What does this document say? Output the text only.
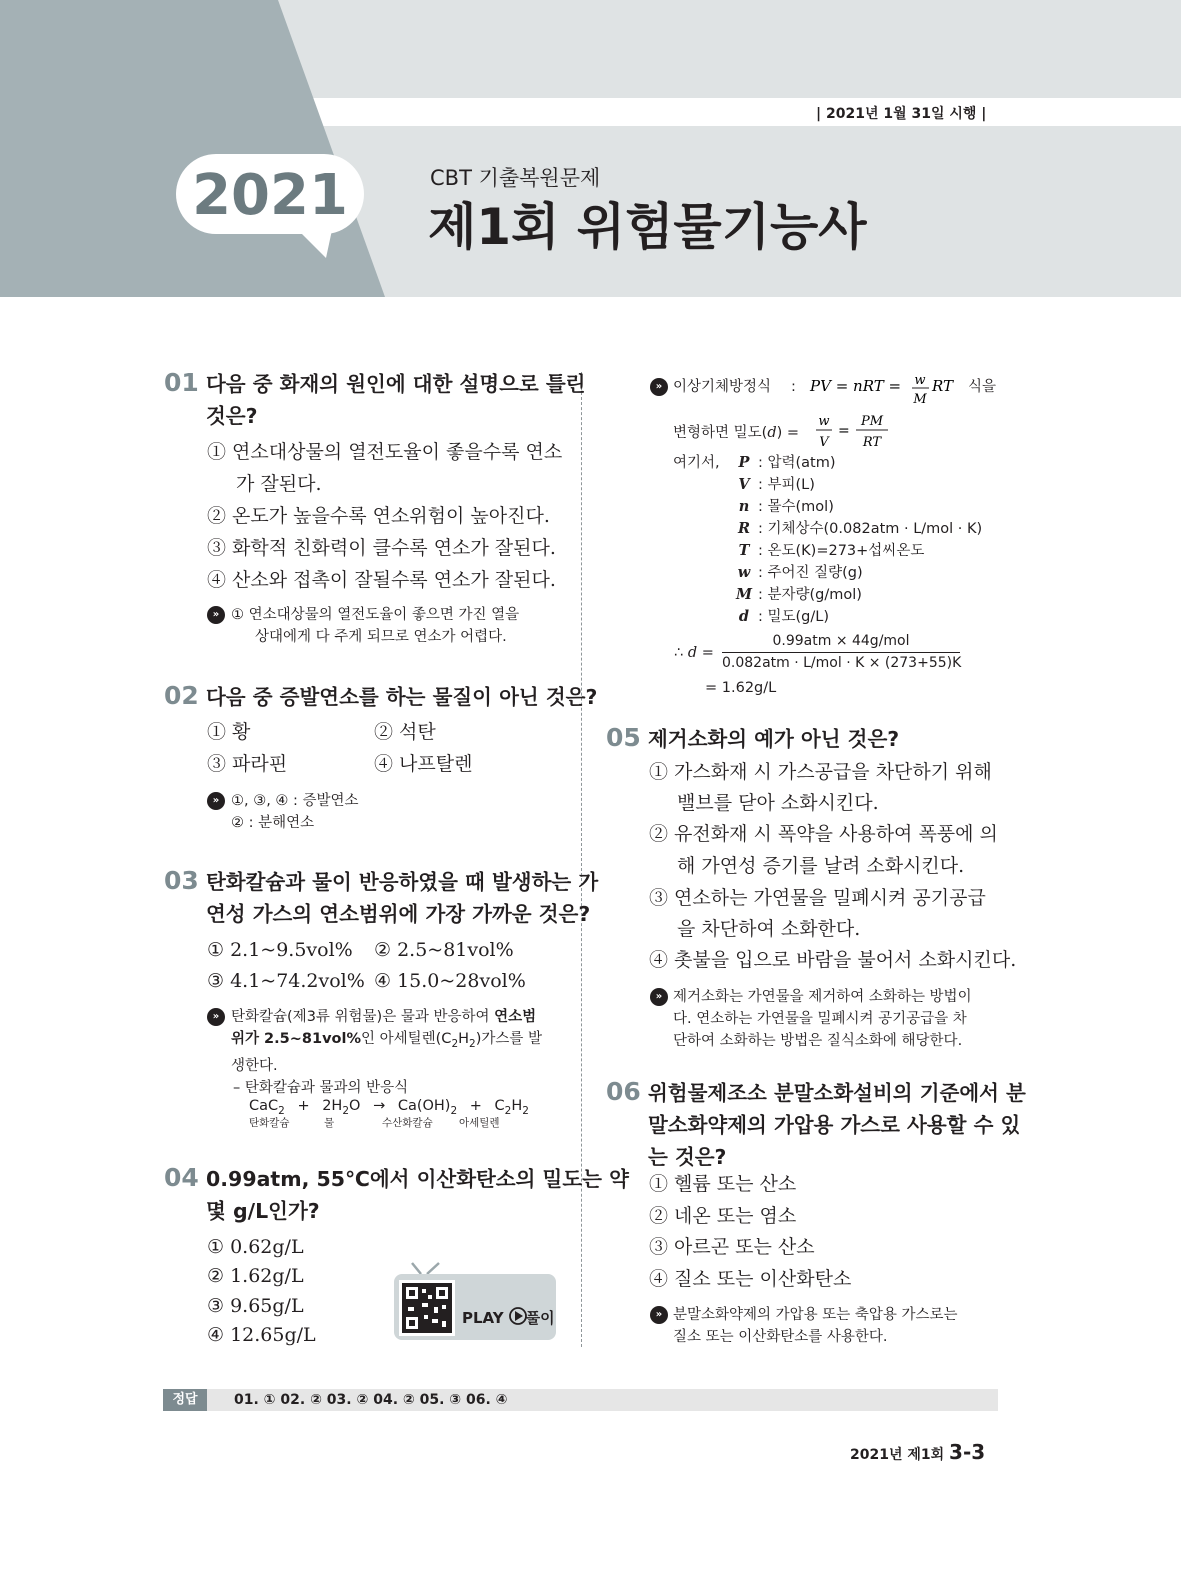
| 2021년 1월 31일 시행 |
2021	CBT 기출복원문제
제1회 위험물기능사
01 다음 중 화재의 원인에 대한 설명으로 틀린
것은?
① 연소대상물의 열전도율이 좋을수록 연소
가 잘된다.
② 온도가 높을수록 연소위험이 높아진다.
③ 화학적 친화력이 클수록 연소가 잘된다.
④ 산소와 접촉이 잘될수록 연소가 잘된다.
» ① 연소대상물의 열전도율이 좋으면 가진 열을
상대에게 다 주게 되므로 연소가 어렵다.
02 다음 중 증발연소를 하는 물질이 아닌 것은?
① 황	② 석탄
③ 파라핀	④ 나프탈렌
» ①, ③, ④ : 증발연소
② : 분해연소
03 탄화칼슘과 물이 반응하였을 때 발생하는 가
연성 가스의 연소범위에 가장 가까운 것은?
① 2.1~9.5vol% ② 2.5~81vol%
③ 4.1~74.2vol% ④ 15.0~28vol%
» 탄화칼슘(제3류 위험물)은 물과 반응하여 연소범
위가 2.5~81vol%인 아세틸렌$(C_2H_2)$가스를 발
생한다.
– 탄화칼슘과 물과의 반응식
$CaC_2 + 2H_2O \to Ca(OH)_2 + C_2H_2$
탄화칼슘	물	수산화칼슘	아세틸렌
04 0.99atm, 55℃에서 이산화탄소의 밀도는 약
몇 g/L인가?
① 0.62g/L
② 1.62g/L
③ 9.65g/L
④ 12.65g/L
PLAY 풀이
» 이상기체방정식 : PV = nRT = w
M
RT 식을
변형하면 밀도(d) =
w
V
=
PM
RT
여기서,	P : 압력(atm)
V : 부피(L)
n : 몰수(mol)
R : 기체상수(0.082atm · L/mol · K)
T : 온도(K)=273+섭씨온도
w : 주어진 질량(g)
M : 분자량(g/mol)
d : 밀도(g/L)
∴ d =
0.99atm × 44g/mol
0.082atm · L/mol · K × (273+55)K
= 1.62g/L
05 제거소화의 예가 아닌 것은?
① 가스화재 시 가스공급을 차단하기 위해
밸브를 닫아 소화시킨다.
② 유전화재 시 폭약을 사용하여 폭풍에 의
해 가연성 증기를 날려 소화시킨다.
③ 연소하는 가연물을 밀폐시켜 공기공급
을 차단하여 소화한다.
④ 촛불을 입으로 바람을 불어서 소화시킨다.
» 제거소화는 가연물을 제거하여 소화하는 방법이
다. 연소하는 가연물을 밀폐시켜 공기공급을 차
단하여 소화하는 방법은 질식소화에 해당한다.
06 위험물제조소 분말소화설비의 기준에서 분
말소화약제의 가압용 가스로 사용할 수 있
는 것은?
① 헬륨 또는 산소
② 네온 또는 염소
③ 아르곤 또는 산소
④ 질소 또는 이산화탄소
» 분말소화약제의 가압용 또는 축압용 가스로는
질소 또는 이산화탄소를 사용한다.
정답	01. ① 02. ② 03. ② 04. ② 05. ③ 06. ④
2021년 제1회 3-3
